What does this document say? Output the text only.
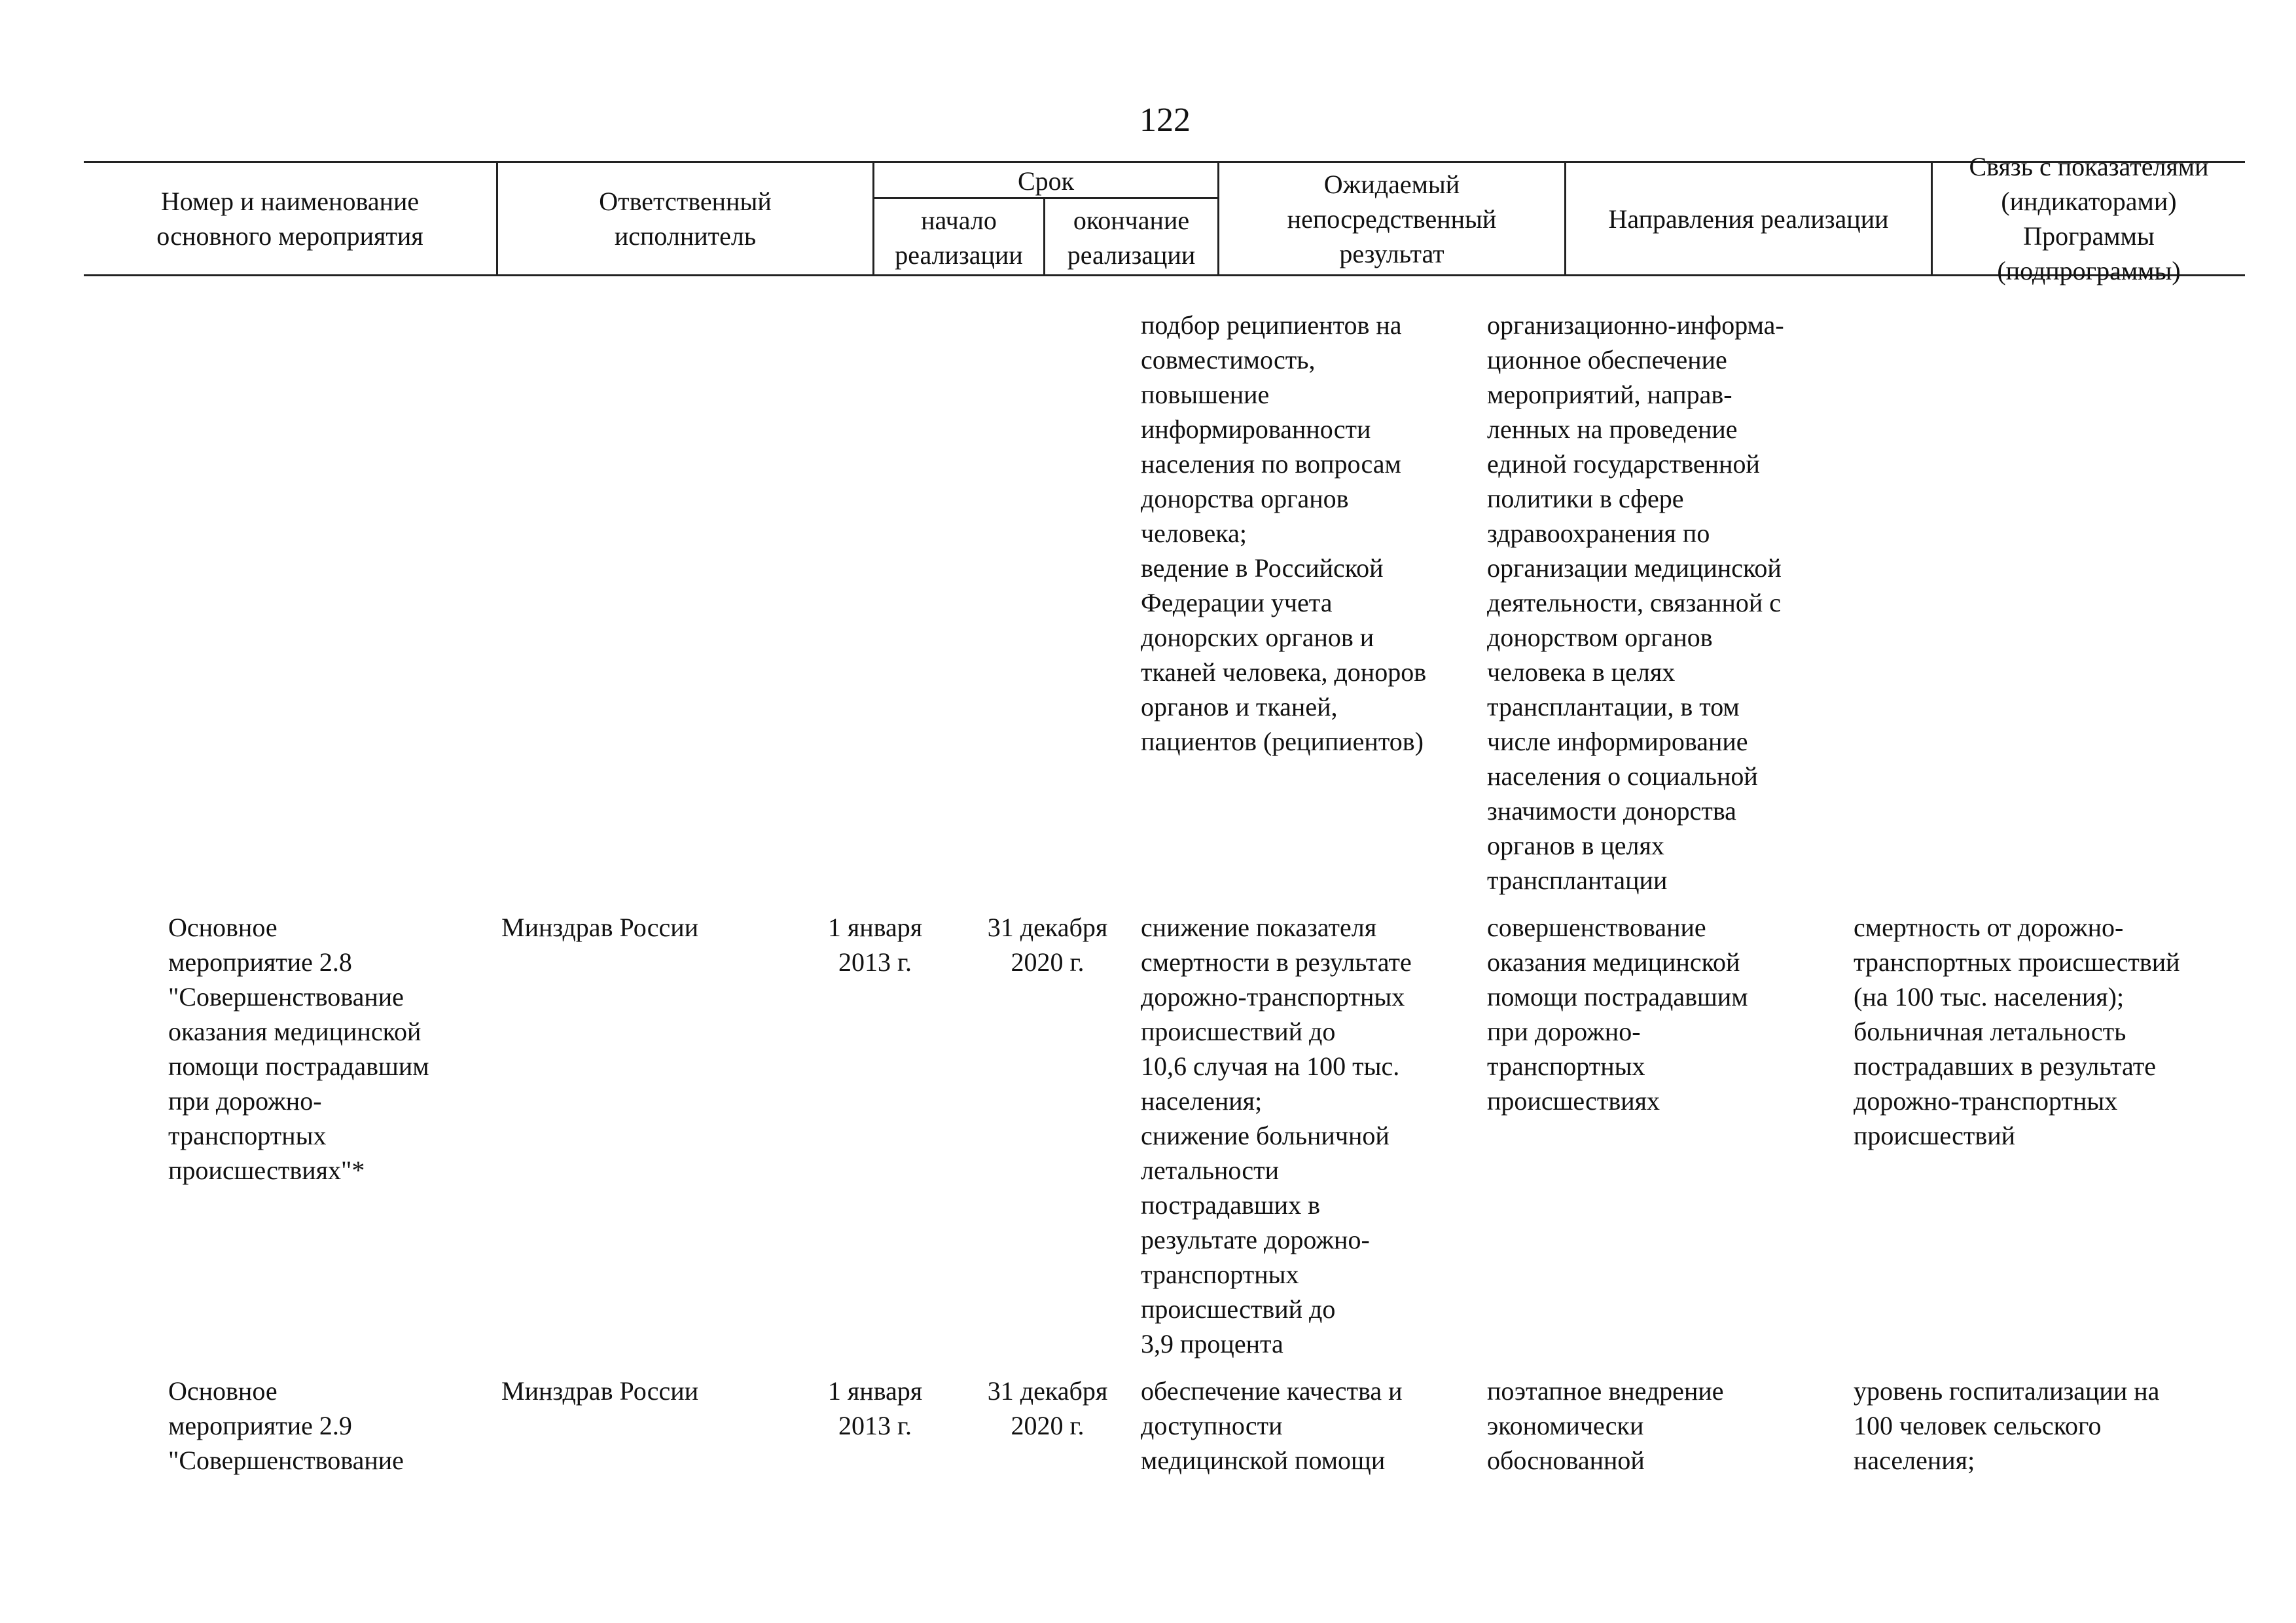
122
Номер и наименование
основного мероприятия
Ответственный
исполнитель
Срок
начало
реализации
окончание
реализации
Ожидаемый
непосредственный
результат
Направления реализации
Связь с показателями
(индикаторами) Программы
(подпрограммы)
подбор реципиентов на
совместимость,
повышение
информированности
населения по вопросам
донорства органов
человека;
ведение в Российской
Федерации учета
донорских органов и
тканей человека, доноров
органов и тканей,
пациентов (реципиентов)
организационно-информа-
ционное обеспечение
мероприятий, направ-
ленных на проведение
единой государственной
политики в сфере
здравоохранения по
организации медицинской
деятельности, связанной с
донорством органов
человека в целях
трансплантации, в том
числе информирование
населения о социальной
значимости донорства
органов в целях
трансплантации
Основное
мероприятие 2.8
"Совершенствование
оказания медицинской
помощи пострадавшим
при дорожно-
транспортных
происшествиях"*
Минздрав России	1 января
2013 г.
31 декабря
2020 г.
снижение показателя
смертности в результате
дорожно-транспортных
происшествий до
10,6 случая на 100 тыс.
населения;
снижение больничной
летальности
пострадавших в
результате дорожно-
транспортных
происшествий до
3,9 процента
совершенствование
оказания медицинской
помощи пострадавшим
при дорожно-
транспортных
происшествиях
смертность от дорожно-
транспортных происшествий
(на 100 тыс. населения);
больничная летальность
пострадавших в результате
дорожно-транспортных
происшествий
Основное
мероприятие 2.9
"Совершенствование
Минздрав России	1 января
2013 г.
31 декабря
2020 г.
обеспечение качества и
доступности
медицинской помощи
поэтапное внедрение
экономически
обоснованной
уровень госпитализации на
100 человек сельского
населения;
